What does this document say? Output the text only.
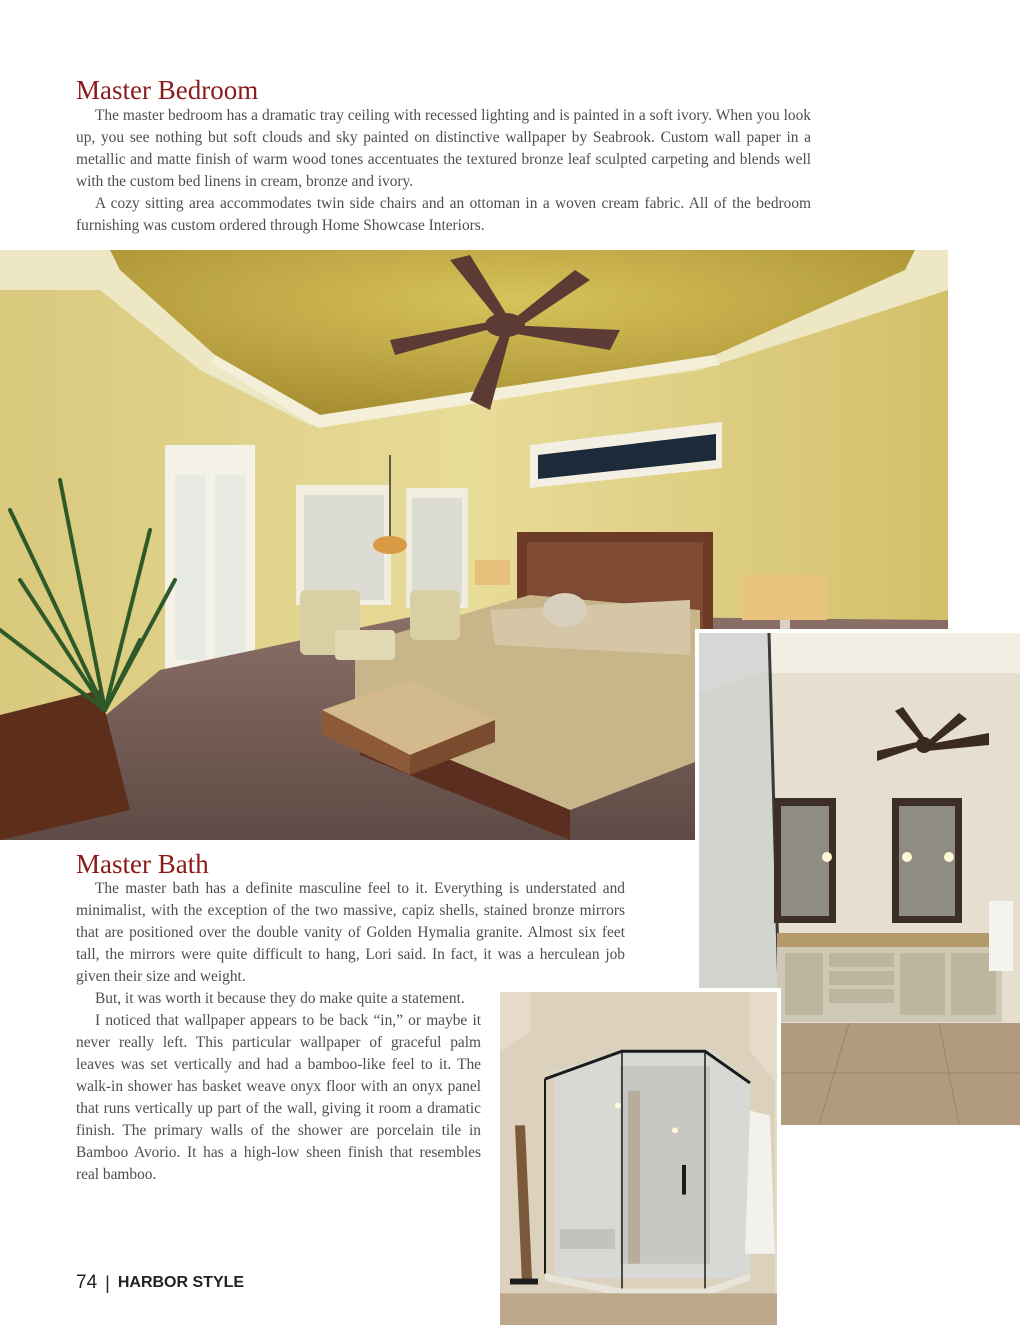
Master Bedroom

The master bedroom has a dramatic tray ceiling with recessed lighting and is painted in a soft ivory. When you look up, you see nothing but soft clouds and sky painted on distinctive wallpaper by Seabrook. Custom wall paper in a metallic and matte finish of warm wood tones accentuates the textured bronze leaf sculpted carpeting and blends well with the custom bed linens in cream, bronze and ivory.

A cozy sitting area accommodates twin side chairs and an ottoman in a woven cream fabric. All of the bedroom furnishing was custom ordered through Home Showcase Interiors.

Master Bath

The master bath has a definite masculine feel to it. Everything is understated and minimalist, with the exception of the two massive, capiz shells, stained bronze mirrors that are positioned over the double vanity of Golden Hymalia granite. Almost six feet tall, the mirrors were quite difficult to hang, Lori said. In fact, it was a herculean job given their size and weight.

But, it was worth it because they do make quite a statement.

I noticed that wallpaper appears to be back “in,” or maybe it never really left. This particular wallpaper of graceful palm leaves was set vertically and had a bamboo-like feel to it. The walk-in shower has basket weave onyx floor with an onyx panel that runs vertically up part of the wall, giving it room a dramatic finish. The primary walls of the shower are porcelain tile in Bamboo Avorio. It has a high-low sheen finish that resembles real bamboo.

74 | HARBOR STYLE
